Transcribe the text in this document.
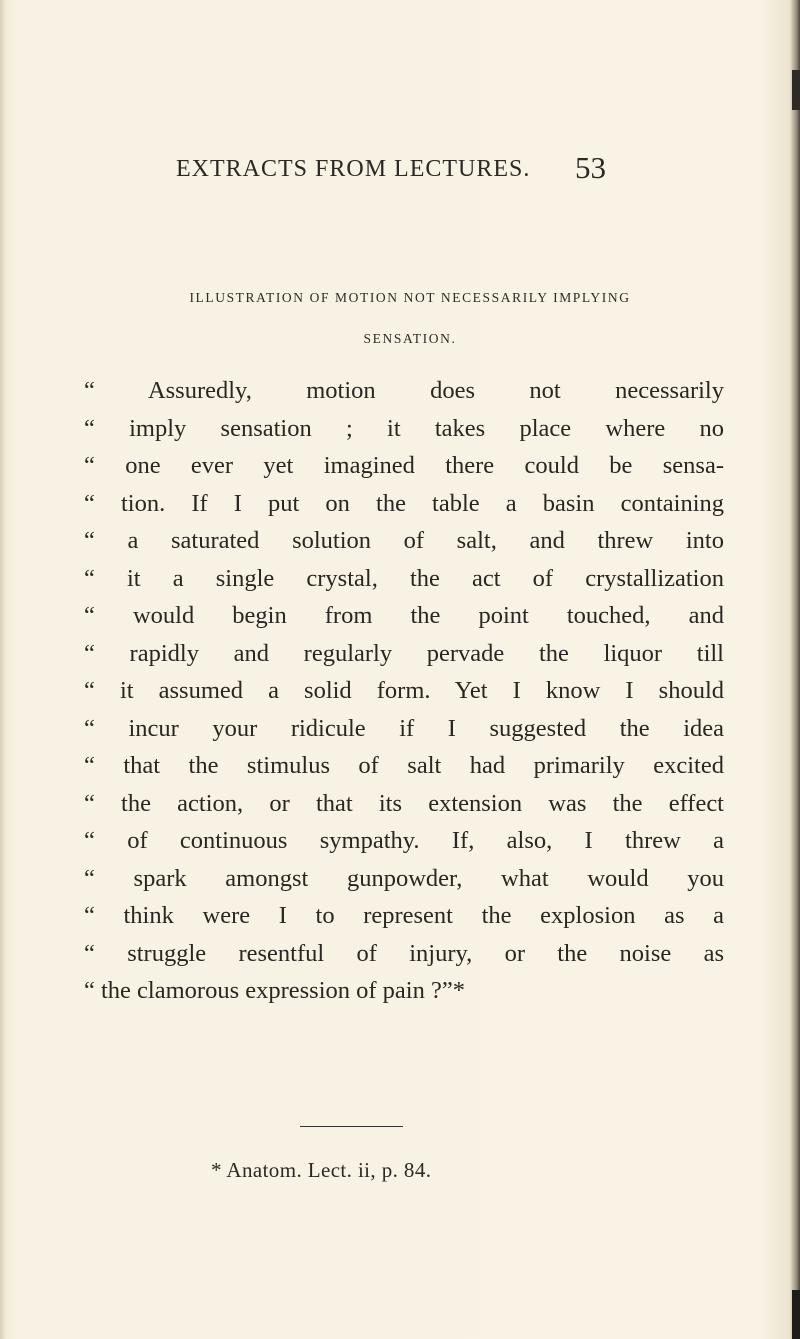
EXTRACTS FROM LECTURES. 53
ILLUSTRATION OF MOTION NOT NECESSARILY IMPLYING
SENSATION.
“ Assuredly, motion does not necessarily
“ imply sensation ; it takes place where no
“ one ever yet imagined there could be sensa-
“ tion. If I put on the table a basin containing
“ a saturated solution of salt, and threw into
“ it a single crystal, the act of crystallization
“ would begin from the point touched, and
“ rapidly and regularly pervade the liquor till
“ it assumed a solid form. Yet I know I should
“ incur your ridicule if I suggested the idea
“ that the stimulus of salt had primarily excited
“ the action, or that its extension was the effect
“ of continuous sympathy. If, also, I threw a
“ spark amongst gunpowder, what would you
“ think were I to represent the explosion as a
“ struggle resentful of injury, or the noise as
“ the clamorous expression of pain ?”*
* Anatom. Lect. ii, p. 84.
